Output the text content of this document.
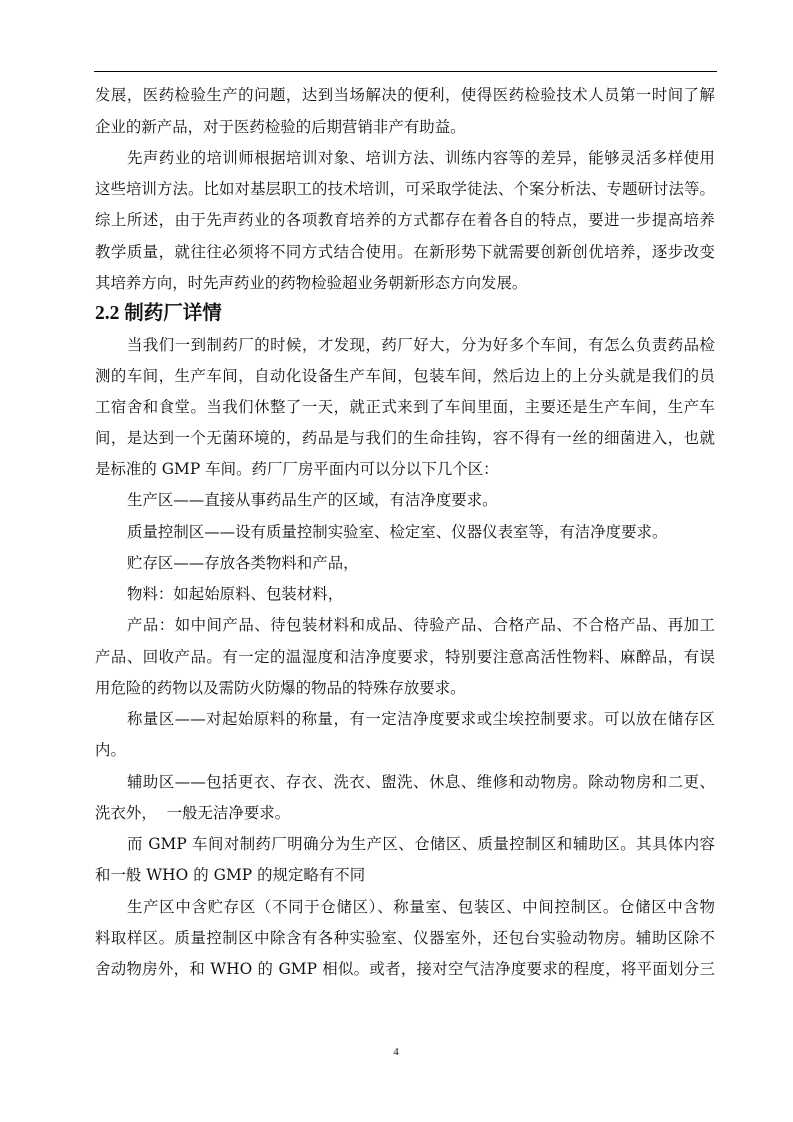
发展，医药检验生产的问题，达到当场解决的便利，使得医药检验技术人员第一时间了解
企业的新产品，对于医药检验的后期营销非产有助益。
先声药业的培训师根据培训对象、培训方法、训练内容等的差异，能够灵活多样使用
这些培训方法。比如对基层职工的技术培训，可采取学徒法、个案分析法、专题研讨法等。
综上所述，由于先声药业的各项教育培养的方式都存在着各自的特点，要进一步提高培养
教学质量，就往往必须将不同方式结合使用。在新形势下就需要创新创优培养，逐步改变
其培养方向，时先声药业的药物检验超业务朝新形态方向发展。
2.2 制药厂详情
当我们一到制药厂的时候，才发现，药厂好大，分为好多个车间，有怎么负责药品检
测的车间，生产车间，自动化设备生产车间，包装车间，然后边上的上分头就是我们的员
工宿舍和食堂。当我们休整了一天，就正式来到了车间里面，主要还是生产车间，生产车
间，是达到一个无菌环境的，药品是与我们的生命挂钩，容不得有一丝的细菌进入，也就
是标准的 GMP 车间。药厂厂房平面内可以分以下几个区：
生产区——直接从事药品生产的区域，有洁净度要求。
质量控制区——设有质量控制实验室、检定室、仪器仪表室等，有洁净度要求。
贮存区——存放各类物料和产品，
物料：如起始原料、包装材料，
产品：如中间产品、待包装材料和成品、待验产品、合格产品、不合格产品、再加工
产品、回收产品。有一定的温湿度和洁净度要求，特别要注意高活性物料、麻醉品，有误
用危险的药物以及需防火防爆的物品的特殊存放要求。
称量区——对起始原料的称量，有一定洁净度要求或尘埃控制要求。可以放在储存区
内。
辅助区——包括更衣、存衣、洗衣、盥洗、休息、维修和动物房。除动物房和二更、
洗衣外，  一般无洁净要求。
而 GMP 车间对制药厂明确分为生产区、仓储区、质量控制区和辅助区。其具体内容
和一般 WHO 的 GMP 的规定略有不同
生产区中含贮存区（不同于仓储区）、称量室、包装区、中间控制区。仓储区中含物
料取样区。质量控制区中除含有各种实验室、仪器室外，还包台实验动物房。辅助区除不
舍动物房外，和 WHO 的 GMP 相似。或者，接对空气洁净度要求的程度，将平面划分三
4
